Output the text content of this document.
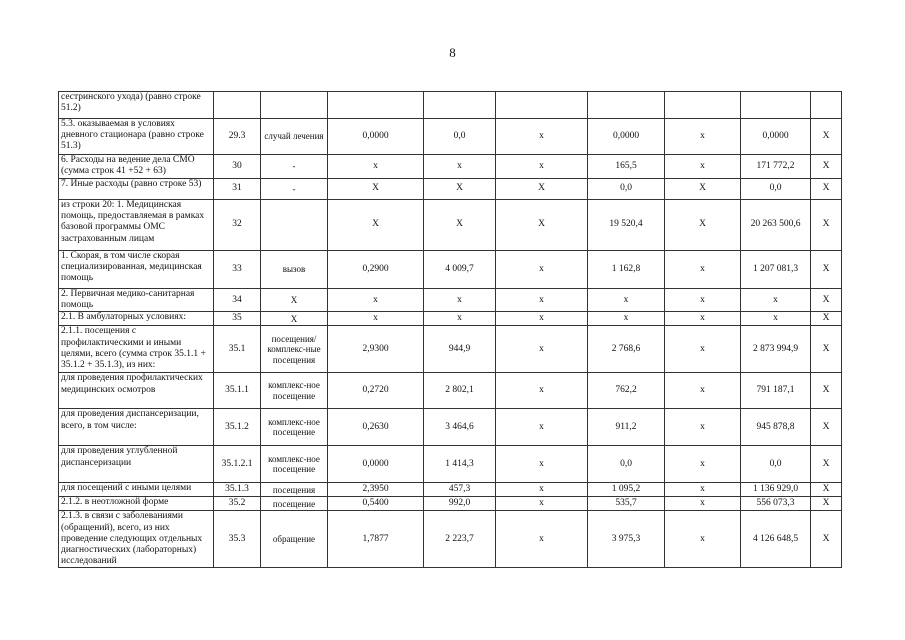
8
сестринского ухода) (равно строке 51.2)									
5.3. оказываемая в условиях дневного стационара (равно строке 51.3)	29.3	случай лечения	0,0000	0,0	х	0,0000	х	0,0000	Х
6. Расходы на ведение дела СМО (сумма строк 41 +52 + 63)	30	-	х	х	х	165,5	х	171 772,2	Х
7. Иные расходы (равно строке 53)	31	-	Х	Х	Х	0,0	Х	0,0	Х
из строки 20: 1. Медицинская помощь, предоставляемая в рамках базовой программы ОМС застрахованным лицам	32		Х	Х	Х	19 520,4	Х	20 263 500,6	Х
1. Скорая, в том числе скорая специализированная, медицинская помощь	33	вызов	0,2900	4 009,7	х	1 162,8	х	1 207 081,3	Х
2. Первичная медико-санитарная помощь	34	Х	х	х	х	х	х	х	Х
2.1. В амбулаторных условиях:	35	Х	х	х	х	х	х	х	Х
2.1.1. посещения с профилактическими и иными целями, всего (сумма строк 35.1.1 + 35.1.2 + 35.1.3), из них:	35.1	посещения/ комплекс-ные посещения	2,9300	944,9	х	2 768,6	х	2 873 994,9	Х
для проведения профилактических медицинских осмотров	35.1.1	комплекс-ное посещение	0,2720	2 802,1	х	762,2	х	791 187,1	Х
для проведения диспансеризации, всего, в том числе:	35.1.2	комплекс-ное посещение	0,2630	3 464,6	х	911,2	х	945 878,8	Х
для проведения углубленной диспансеризации	35.1.2.1	комплекс-ное посещение	0,0000	1 414,3	х	0,0	х	0,0	Х
для посещений с иными целями	35.1.3	посещения	2,3950	457,3	х	1 095,2	х	1 136 929,0	Х
2.1.2. в неотложной форме	35.2	посещение	0,5400	992,0	х	535,7	х	556 073,3	Х
2.1.3. в связи с заболеваниями (обращений), всего, из них проведение следующих отдельных диагностических (лабораторных) исследований	35.3	обращение	1,7877	2 223,7	х	3 975,3	х	4 126 648,5	Х
